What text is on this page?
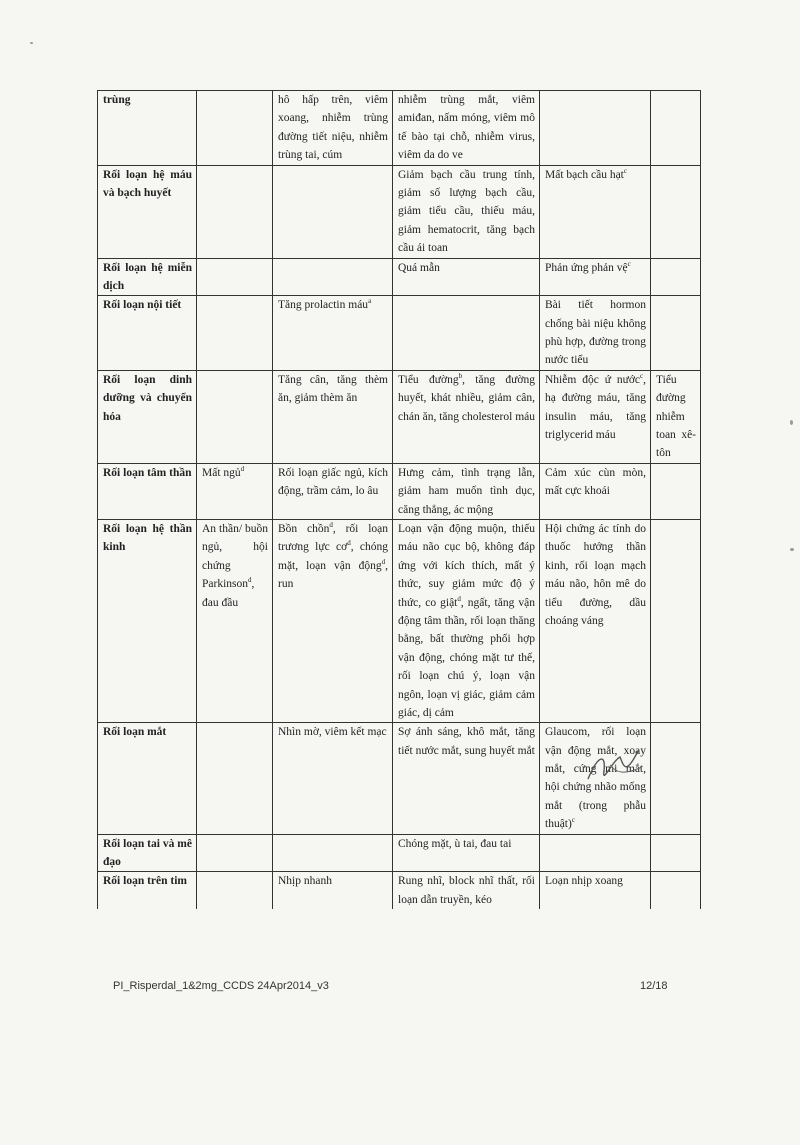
trùng		hô hấp trên, viêm xoang, nhiễm trùng đường tiết niệu, nhiễm trùng tai, cúm	nhiễm trùng mắt, viêm amiđan, nấm móng, viêm mô tế bào tại chỗ, nhiễm virus, viêm da do ve		
Rối loạn hệ máu và bạch huyết			Giảm bạch cầu trung tính, giảm số lượng bạch cầu, giảm tiểu cầu, thiếu máu, giảm hematocrit, tăng bạch cầu ái toan	Mất bạch cầu hạt$^c$	
Rối loạn hệ miễn dịch			Quá mẫn	Phản ứng phản vệ$^c$	
Rối loạn nội tiết		Tăng prolactin máu$^a$		Bài tiết hormon chống bài niệu không phù hợp, đường trong nước tiểu	
Rối loạn dinh dưỡng và chuyển hóa		Tăng cân, tăng thèm ăn, giảm thèm ăn	Tiểu đường$^b$, tăng đường huyết, khát nhiều, giảm cân, chán ăn, tăng cholesterol máu	Nhiễm độc ứ nước$^c$, hạ đường máu, tăng insulin máu, tăng triglycerid máu	Tiểu đường nhiễm toan xê-tôn
Rối loạn tâm thần	Mất ngủ$^d$	Rối loạn giấc ngủ, kích động, trầm cảm, lo âu	Hưng cảm, tình trạng lẫn, giảm ham muốn tình dục, căng thẳng, ác mộng	Cảm xúc cùn mòn, mất cực khoái	
Rối loạn hệ thần kinh	An thần/ buồn ngủ, hội chứng Parkinson$^d$, đau đầu	Bồn chồn$^d$, rối loạn trương lực $cơ^d$, chóng mặt, loạn vận động$^d$, run	Loạn vận động muộn, thiếu máu não cục bộ, không đáp ứng với kích thích, mất ý thức, suy giảm mức độ ý thức, co giật$^d$, ngất, tăng vận động tâm thần, rối loạn thăng bằng, bất thường phối hợp vận động, chóng mặt tư thế, rối loạn chú ý, loạn vận ngôn, loạn vị giác, giảm cảm giác, dị cảm	Hội chứng ác tính do thuốc hướng thần kinh, rối loạn mạch máu não, hôn mê do tiểu đường, dầu choáng váng	
Rối loạn mắt		Nhìn mờ, viêm kết mạc	Sợ ánh sáng, khô mắt, tăng tiết nước mắt, sung huyết mắt	Glaucom, rối loạn vận động mắt, xoay mắt, cứng mi mắt, hội chứng nhão mống mắt (trong phẫu thuật)$^c$	
Rối loạn tai và mê đạo			Chóng mặt, ù tai, đau tai		
Rối loạn trên tim		Nhịp nhanh	Rung nhĩ, block nhĩ thất, rối loạn dẫn truyền, kéo	Loạn nhịp xoang	
PI_Risperdal_1&2mg_CCDS 24Apr2014_v3	12/18
